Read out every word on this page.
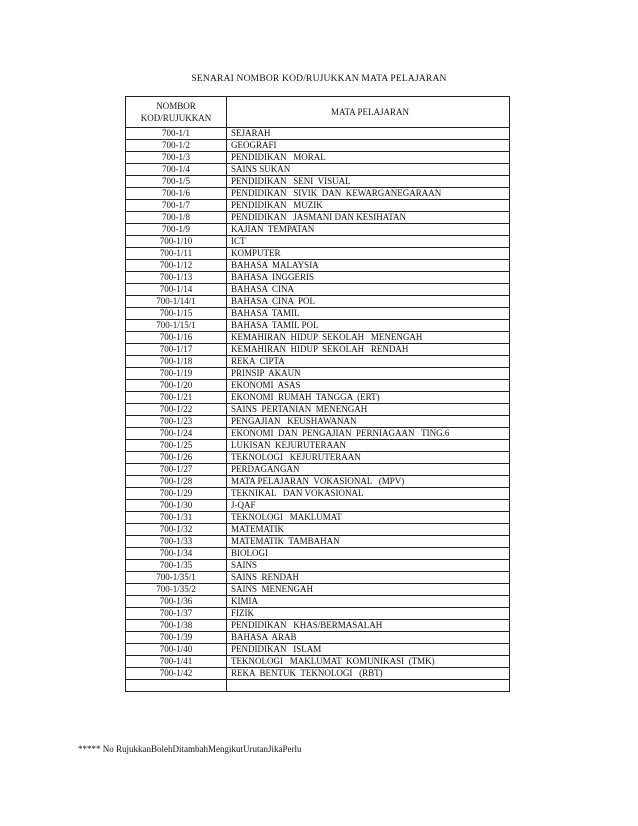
SENARAI NOMBOR KOD/RUJUKKAN MATA PELAJARAN
NOMBOR
KOD/RUJUKKAN	MATA PELAJARAN
700-1/1	SEJARAH
700-1/2	GEOGRAFI
700-1/3	PENDIDIKAN   MORAL
700-1/4	SAINS SUKAN
700-1/5	PENDIDIKAN   SENI  VISUAL
700-1/6	PENDIDIKAN   SIVIK  DAN  KEWARGANEGARAAN
700-1/7	PENDIDIKAN   MUZIK
700-1/8	PENDIDIKAN   JASMANI DAN KESIHATAN
700-1/9	KAJIAN  TEMPATAN
700-1/10	ICT
700-1/11	KOMPUTER
700-1/12	BAHASA  MALAYSIA
700-1/13	BAHASA  INGGERIS
700-1/14	BAHASA  CINA
700-1/14/1	BAHASA  CINA  POL
700-1/15	BAHASA  TAMIL
700-1/15/1	BAHASA  TAMIL POL
700-1/16	KEMAHIRAN  HIDUP  SEKOLAH   MENENGAH
700-1/17	KEMAHIRAN  HIDUP  SEKOLAH   RENDAH
700-1/18	REKA  CIPTA
700-1/19	PRINSIP  AKAUN
700-1/20	EKONOMI  ASAS
700-1/21	EKONOMI  RUMAH  TANGGA  (ERT)
700-1/22	SAINS  PERTANIAN  MENENGAH
700-1/23	PENGAJIAN   KEUSHAWANAN
700-1/24	EKONOMI  DAN  PENGAJIAN  PERNIAGAAN   TING.6
700-1/25	LUKISAN  KEJURUTERAAN
700-1/26	TEKNOLOGI   KEJURUTERAAN
700-1/27	PERDAGANGAN
700-1/28	MATA PELAJARAN  VOKASIONAL   (MPV)
700-1/29	TEKNIKAL   DAN VOKASIONAL
700-1/30	J-QAF
700-1/31	TEKNOLOGI   MAKLUMAT
700-1/32	MATEMATIK
700-1/33	MATEMATIK  TAMBAHAN
700-1/34	BIOLOGI
700-1/35	SAINS
700-1/35/1	SAINS  RENDAH
700-1/35/2	SAINS  MENENGAH
700-1/36	KIMIA
700-1/37	FIZIK
700-1/38	PENDIDIKAN   KHAS/BERMASALAH
700-1/39	BAHASA  ARAB
700-1/40	PENDIDIKAN   ISLAM
700-1/41	TEKNOLOGI   MAKLUMAT  KOMUNIKASI  (TMK)
700-1/42	REKA  BENTUK  TEKNOLOGI   (RBT)

***** No RujukkanBolehDitambahMengikutUrutanJikaPerlu
